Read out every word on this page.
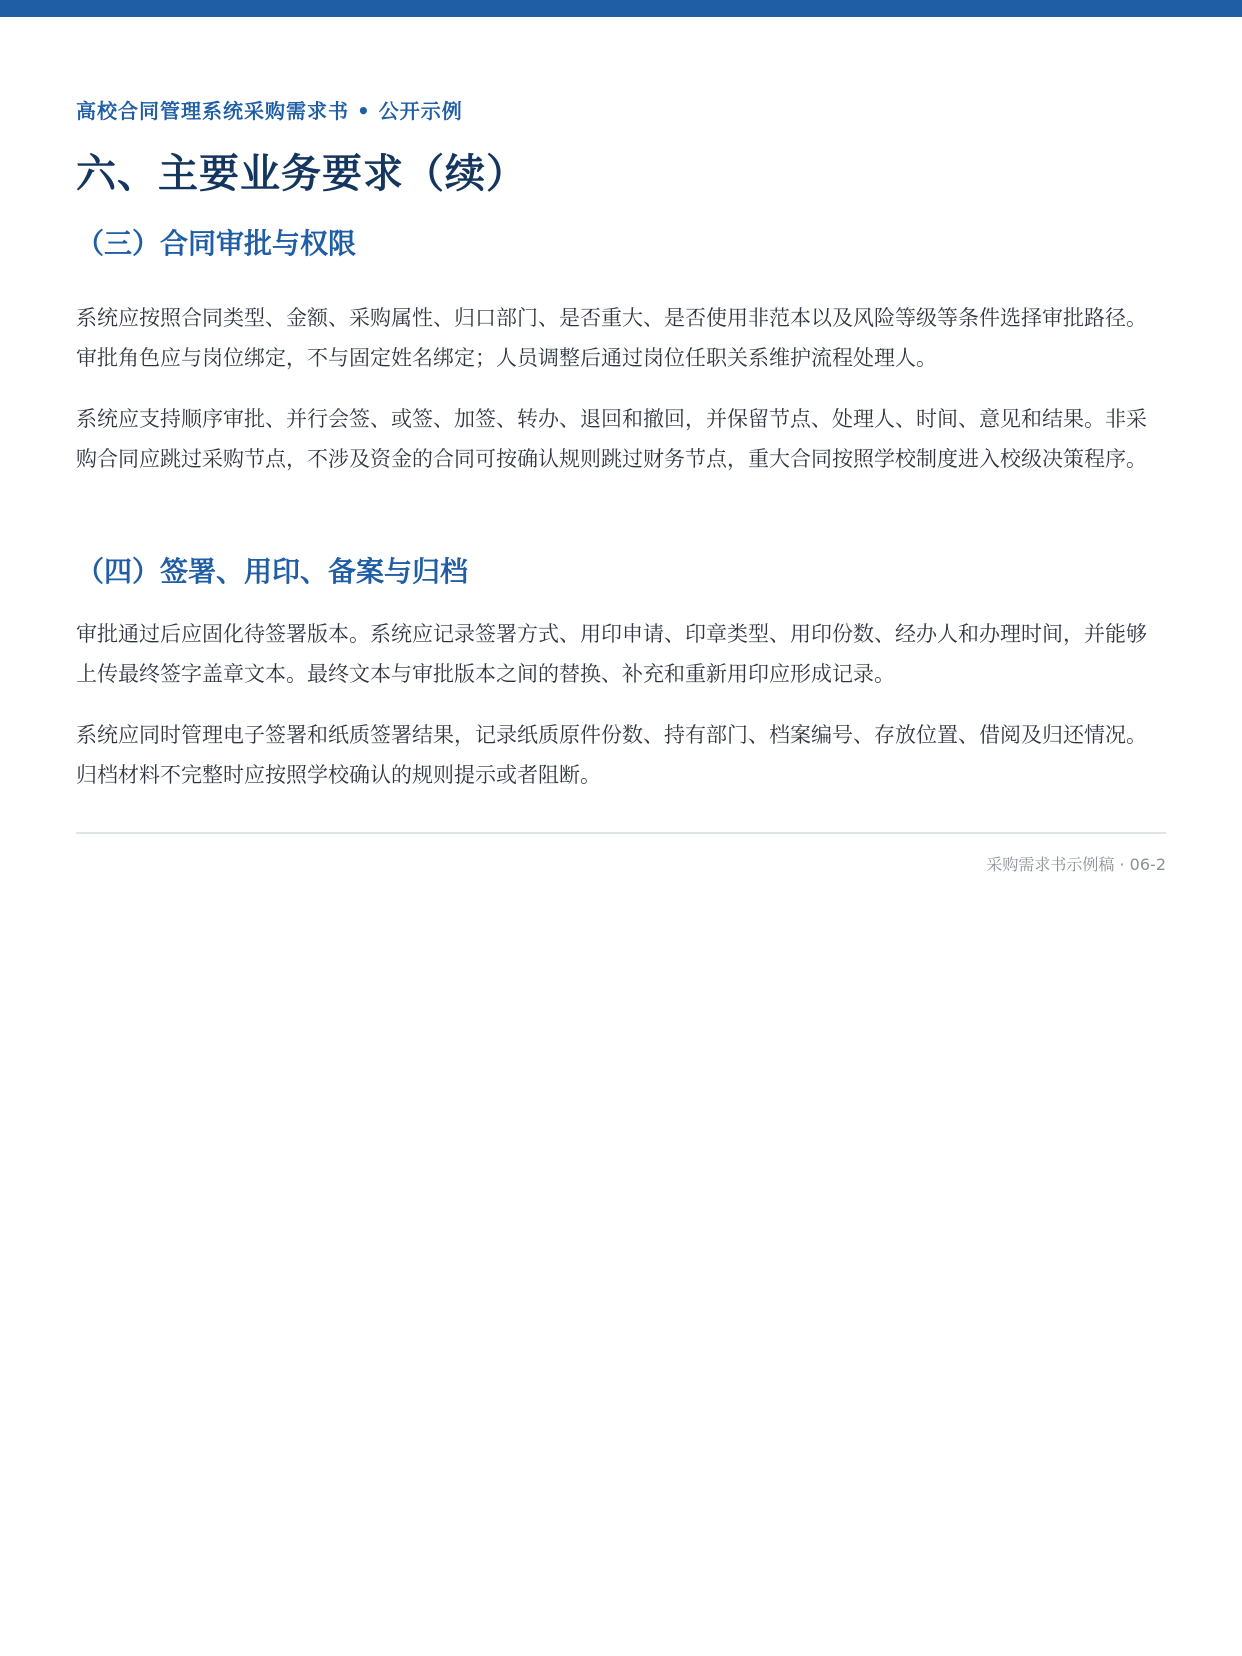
高校合同管理系统采购需求书 • 公开示例
六、主要业务要求（续）
（三）合同审批与权限

系统应按照合同类型、金额、采购属性、归口部门、是否重大、是否使用非范本以及风险等级等条件选择审批路径。审批角色应与岗位绑定，不与固定姓名绑定；人员调整后通过岗位任职关系维护流程处理人。

系统应支持顺序审批、并行会签、或签、加签、转办、退回和撤回，并保留节点、处理人、时间、意见和结果。非采购合同应跳过采购节点，不涉及资金的合同可按确认规则跳过财务节点，重大合同按照学校制度进入校级决策程序。

（四）签署、用印、备案与归档

审批通过后应固化待签署版本。系统应记录签署方式、用印申请、印章类型、用印份数、经办人和办理时间，并能够上传最终签字盖章文本。最终文本与审批版本之间的替换、补充和重新用印应形成记录。

系统应同时管理电子签署和纸质签署结果，记录纸质原件份数、持有部门、档案编号、存放位置、借阅及归还情况。归档材料不完整时应按照学校确认的规则提示或者阻断。

采购需求书示例稿 · 06-2
